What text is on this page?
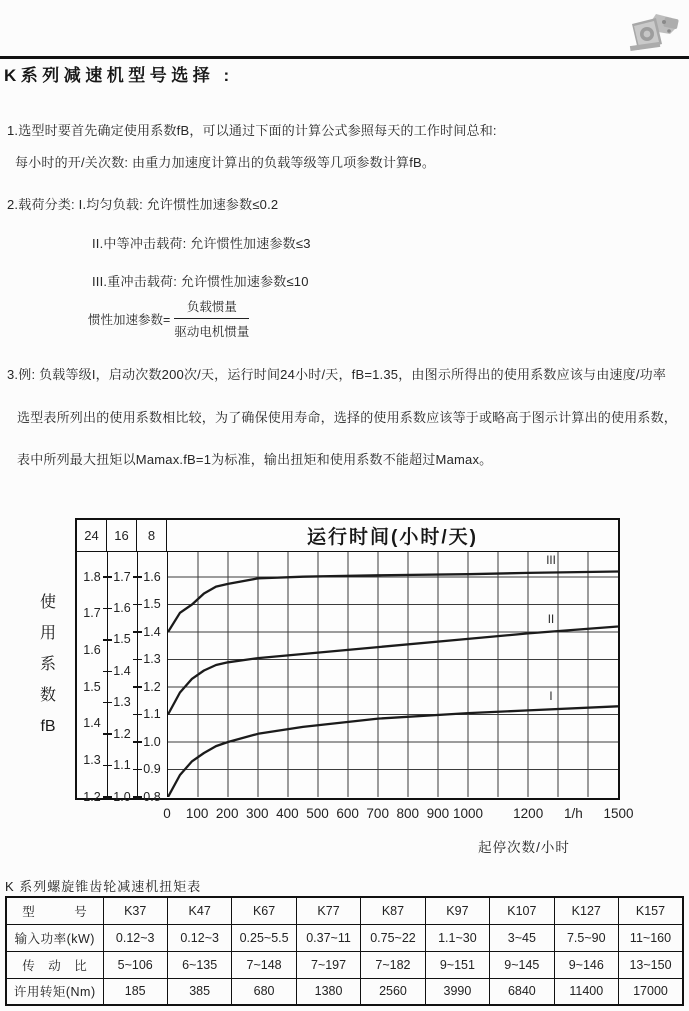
K系列减速机型号选择 :
1.选型时要首先确定使用系数fB，可以通过下面的计算公式参照每天的工作时间总和:
每小时的开/关次数: 由重力加速度计算出的负载等级等几项参数计算fB。
2.载荷分类: I.均匀负载: 允许惯性加速参数≤0.2
II.中等冲击载荷: 允许惯性加速参数≤3
III.重冲击载荷: 允许惯性加速参数≤10
惯性加速参数= $\frac{\text{负载惯量}}{\text{驱动电机惯量}}$
3.例: 负载等级I，启动次数200次/天，运行时间24小时/天，fB=1.35，由图示所得出的使用系数应该与由速度/功率
选型表所列出的使用系数相比较，为了确保使用寿命，选择的使用系数应该等于或略高于图示计算出的使用系数，
表中所列最大扭矩以Mamax.fB=1为标准，输出扭矩和使用系数不能超过Mamax。
使
用
系
数
fB
24	16	8	运行时间(小时/天)
1.8
1.7
1.6
1.5
1.4
1.3
1.2
1.7
1.6
1.5
1.4
1.3
1.2
1.1
1.0
1.6
1.5
1.4
1.3
1.2
1.1
1.0
0.9
0.8
III
II
I
0 100 200 300 400 500 600 700 800 900 1000 1200 1/h 1500
起停次数/小时
K 系列螺旋锥齿轮减速机扭矩表
型　　　号	K37	K47	K67	K77	K87	K97	K107	K127	K157
输入功率(kW)	0.12~3	0.12~3	0.25~5.5	0.37~11	0.75~22	1.1~30	3~45	7.5~90	11~160
传　动　比	5~106	6~135	7~148	7~197	7~182	9~151	9~145	9~146	13~150
许用转矩(Nm)	185	385	680	1380	2560	3990	6840	11400	17000
